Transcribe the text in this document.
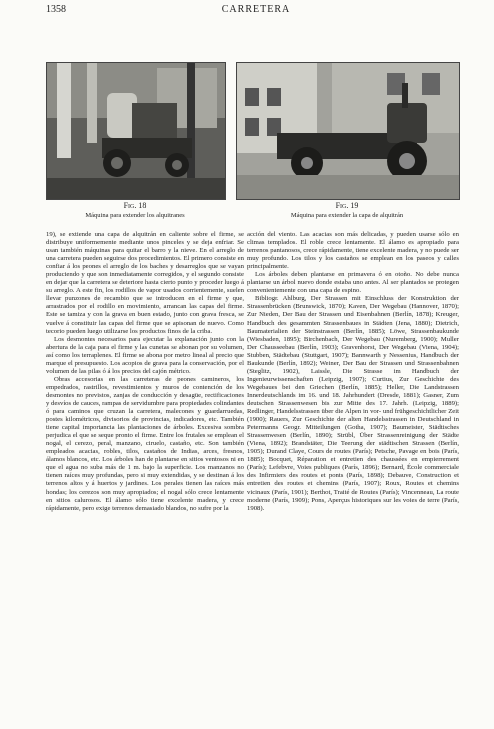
1358	CARRETERA
Fig. 18
Máquina para extender los alquitranes
Fig. 19
Máquina para extender la capa de alquitrán

19), se extiende una capa de alquitrán en caliente sobre el firme, se distribuye uniformemente mediante unos pinceles y se deja enfriar. Se usan también máquinas para quitar el barro y la nieve. En el arreglo de una carretera pueden seguirse dos procedimientos. El primero consiste en confiar á los peones el arreglo de los baches y desarreglos que se vayan produciendo y que son inmediatamente corregidos, y el segundo consiste en dejar que la carretera se deteriore hasta cierto punto y proceder luego á su arreglo. A este fin, los rodillos de vapor usados corrientemente, suelen llevar punzones de recambio que se introducen en el firme y que, arrastrados por el rodillo en movimiento, arrancan las capas del firme. Este se tamiza y con la grava en buen estado, junto con grava fresca, se vuelve á constituir las capas del firme que se apisonan de nuevo. Como tecorio pueden luego utilizarse los productos finos de la criba.

Los desmontes necesarios para ejecutar la explanación junto con la abertura de la caja para el firme y las cunetas se abonan por su volumen, así como los terraplenes. El firme se abona por metro lineal al precio que marque el presupuesto. Los acopios de grava para la conservación, por el volumen de las pilas ó á los precios del cajón métrico.

Obras accesorias en las carreteras de peones camineros, los empedrados, rastrillos, revestimientos y muros de contención de los desmontes no previstos, zanjas de conducción y desagüe, rectificaciones y desvíos de cauces, rampas de servidumbre para propiedades colindantes ó para caminos que cruzan la carretera, malecones y guardarruedas, postes kilométricos, divisorios de provincias, indicadores, etc. También tiene capital importancia las plantaciones de árboles. Excesiva sombra perjudica el que se seque pronto el firme. Entre los frutales se emplean el nogal, el cerezo, peral, manzano, ciruelo, castaño, etc. Son también empleados acacias, robles, tilos, castaños de Indias, arces, fresnos, álamos blancos, etc. Los árboles han de plantarse en sitios ventosos ni en que el agua no suba más de 1 m. bajo la superficie. Los manzanos no tienen raíces muy profundas, pero si muy extendidas, y se destinan á los terrenos altos y á huertos y jardines. Los perales tienen las raíces más hondas; los cerezos son muy apropiados; el nogal sólo crece lentamente en sitios calurosos. El álamo sólo tiene excelente madera, y crece rápidamente, pero exige terrenos demasiado blandos, no sufre por la

acción del viento. Las acacias son más delicadas, y pueden usarse sólo en climas templados. El roble crece lentamente. El álamo es apropiado para terrenos pantanosos, crece rápidamente, tiene excelente madera, y no puede ser muy profundo. Los tilos y los castaños se emplean en los paseos y calles principalmente.

Los árboles deben plantarse en primavera ó en otoño. No debe nunca plantarse un árbol nuevo donde estaba uno antes. Al ser plantados se protegen convenientemente con una capa de espino.

Bibliogr. Ahlburg, Der Strassen mit Einschluss der Konstruktion der Strassenbrücken (Brunswick, 1870); Kaven, Der Wegebau (Hannover, 1870); Zur Nieden, Der Bau der Strassen und Eisenbahnen (Berlín, 1878); Kreuger, Handbuch des gesammten Strassenbaues in Städten (Jena, 1880); Dietrich, Baumaterialien der Steinstrassen (Berlín, 1885); Löwe, Strassenbaukunde (Wiesbaden, 1895); Birchenbach, Der Wegebau (Nuremberg, 1900); Muller Der Chausseebau (Berlín, 1903); Gravenhorst, Der Wegebau (Viena, 1904); Stubben, Städtebau (Stuttgart, 1907); Bannwarth y Nessenius, Handbuch der Baukunde (Berlín, 1892); Weiner, Der Bau der Strassen und Strassenbahnen (Steglitz, 1902), Laissle, Die Strasse im Handbuch der Ingenieurwissenschaften (Leipzig, 1907); Curtius, Zur Geschichte des Wegebaues bei den Griechen (Berlín, 1885); Heller, Die Landstrassen Innerdeutschlands im 16. und 18. Jahrhundert (Dresde, 1881); Gasner, Zum deutschen Strassenwesen bis zur Mitte des 17. Jahrh. (Leipzig, 1889); Redlinger, Handelsstrassen über die Alpen in vor- und frühgeschichtlicher Zeit (1900); Rauers, Zur Geschichte der alten Handelsstrassen in Deutschland in Petermanns Geogr. Mitteilungen (Gotha, 1907); Baumeister, Städtisches Strassenwesen (Berlín, 1890); Strübl, Über Strassenreinigung der Städte (Viena, 1892); Brandstäter, Die Teerung der städtischen Strassen (Berlín, 1905); Durand Claye, Cours de routes (París); Petsche, Pavage en bois (París, 1885); Bocquet, Réparation et entretien des chaussées en empierrement (París); Lefebvre, Voies publiques (París, 1896); Bernard, École commerciale des Infirmiers des routes et ponts (París, 1898); Debauve, Construction et entretien des routes et chemins (París, 1907); Roux, Routes et chemins vicinaux (París, 1901); Berthot, Traité de Routes (París); Vincenneau, La route moderne (París, 1909); Pons, Aperçus historiques sur les voies de terre (París, 1908).
